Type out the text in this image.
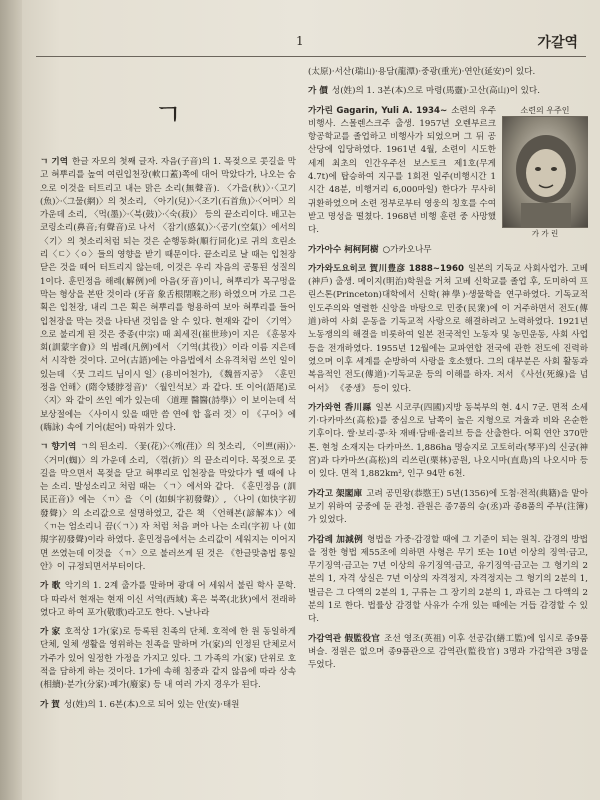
1	가갈역
ㄱ

ㄱ 기역 한글 자모의 첫째 글자. 자음(子音)의 1. 목젖으로 콧길을 막고 혀뿌리를 높여 여린입천장(軟口蓋)쪽에 대어 막았다가, 나오는 숨으로 이것을 터트리고 내는 맑은 소리(無聲音). 〈가을(秋)〉·〈고기(魚)〉·〈그물(網)〉의 첫소리, 〈아기(兒)〉·〈조기(石首魚)〉·〈어머〉의 가운데 소리, 〈먹(墨)〉·〈북(鼓)〉·〈숙(菽)〉 등의 끝소리이다. 배고는 코링소리(鼻音;有聲音)로 나서 〈잠기(感氣)〉·〈공기(空氣)〉에서의 〈기〉의 첫소리처럼 되는 것은 순행동화(順行同化)로 귀의 흐린소리〈ㄷ〉〈ㅇ〉들의 영향을 받기 때문이다. 끝소리로 날 때는 입천장 닫은 것을 떼어 터트리지 않는데, 이것은 우리 자음의 공통된 성질의 1이다. 훈민정음 해례(解例)에 아음(牙音)이니, 혀뿌리가 목구멍을 막는 형상을 본딴 것이라 (牙音 象舌根閉喉之形) 하였으며 가로 그은 획은 입천장, 내리 그은 획은 혀뿌리를 형용하여 보아 혀뿌리를 들어 입천장을 막는 것을 나타낸 것임을 알 수 있다. 현재와 같이 〈기역〉으로 불리게 된 것은 중종(中宗) 때 최세진(崔世珍)이 지은 《훈몽자회(訓蒙字會)》의 범례(凡例)에서 〈기역(其役)〉이라 이름 지은데서 시작한 것이다. 고어(古語)에는 아음법에서 소유격처럼 쓰인 일이 있는데 〈뭇 그리드 님이시 일〉(용비어천가), 《魏晉지공》 〈훈민정음 언해〉(隋令矮脖정音)' 〈월인석보〉과 같다. 또 이어(語尾)로 〈지〉와 같이 쓰인 예가 있는데 〈道理 醫醫(詩學)〉이 보이는데 석보상절에는 〈사이시 있을 때만 씀 연에 합 흘러 것〉이 《구어》에 (嗨詠) 속에 기어(起어) 따위가 있다.

ㄱ 향기역 ㄱ의 된소리. 〈꽃(花)〉·〈깨(荏)〉의 첫소리, 〈이쁘(兩)〉·〈거미(蜘)〉의 가운데 소리, 〈꺾(折)〉의 끝소리이다. 목젖으로 콧길을 막으면서 목젖을 닫고 혀뿌리로 입천장을 막았다가 뗄 때에 나는 소리. 발성소리고 처럼 때는 〈ㄱ〉에서와 같다. 《훈민정음 (訓民正音)》에는 〈ㄲ〉을 〈이 (如虯字初發聲)〉, 〈나이 (如快字初發聲)〉의 소리값으로 설명하였고, 같은 책 〈언해본(諺解本)〉에 〈ㄲ는 엄소리니 끔(〈ㄱ〉) 자 처럼 처음 펴아 나는 소리(字初 나 (如規字初發聲)이라 하였다. 훈민정음에서는 소리값이 세워지는 이어지면 쓰였는데 이것을 〈ㄲ〉으로 불러쓰게 된 것은 《한글맞춤법 통일안》이 규정되면서부터이다.

가 歌 악기의 1. 2계 출가를 말하며 광대 어 세워서 불린 학사 문학. 다 따라서 현재는 현재 이신 서역(西域) 혹은 북쪽(北狄)에서 전래하였다고 하여 포가(敬歌)라고도 한다. ↘날나라

가 家 호적상 1가(家)로 등록된 친족의 단체. 호적에 한 원 동일하게 단체, 일체 생활을 영위하는 친족을 말하며 가(家)의 인정된 단체로서 가주가 있어 일정한 가정을 가지고 있다. 그 가족의 가(家) 단위로 호적을 담하게 하는 것이다. 1가에 속해 침중과 같지 않음에 따라 상속(相續)·분가(分家)·폐가(廢家) 등 내 여러 가지 경우가 된다.

가 賀 성(姓)의 1. 6본(本)으로 되어 있는 안(安)·태원

(太原)·서산(瑞山)·용담(龍潭)·중광(重光)·연안(延安)이 있다.

가 價 성(姓)의 1. 3본(本)으로 마령(馬靈)·고산(高山)이 있다.

소련의 우주인
가 가 린

가가린 Gagarin, Yuli A. 1934∼ 소련의 우주 비행사. 스몰렌스크주 출생. 1957년 오렌부르크 항공학교를 졸업하고 비행사가 되었으며 그 뒤 공산당에 입당하였다. 1961년 4월, 소련이 시도한 세계 최초의 인간우주선 보스토크 제1호(무게 4.7t)에 탑승하여 지구를 1회전 일주(비행시간 1시간 48분, 비행거리 6,000마일) 한다가 무사히 귀환하였으며 소련 정부로부터 영웅의 칭호를 수여받고 명성을 떨쳤다. 1968년 비행 훈련 중 사망했다.

가가아수 柯柯阿樹 ○가카오나무

가가와도요히코 賀川豊彦 1888∼1960 일본의 기독교 사회사업가. 고베(神戶) 출생. 메이지(明治)학원을 거쳐 고베 신학교를 졸업 후, 도미하여 프린스톤(Princeton)대학에서 신학(神學)·생물학을 연구하였다. 기독교적 인도주의와 열렬한 신앙을 바탕으로 민중(民衆)에 이 거주하면서 전도(傳道)하여 사회 운동을 기독교적 사랑으로 해결하려고 노력하였다. 1921년 노동쟁의의 해결을 비롯하여 일본 전국적인 노동자 및 농민운동, 사회 사업 등을 전개하였다. 1955년 12월에는 교파연합 전국에 관한 전도에 진력하였으며 이후 세계를 순방하여 사랑을 호소했다. 그의 대부분은 사회 활동과 복음적인 전도(傳道)·기독교운 등의 이해를 하자. 저서 《사선(死線)을 넘어서》 《중생》 등이 있다.

가가와현 香川縣 일본 시코쿠(四國)지방 동북부의 현. 4시 7군. 면적 소세기·다카마쓰(高松)를 중심으로 남쪽이 높은 지형으로 겨울과 비와 온순한 기후이다. 쌀·보리·콩·차 재배·담배·올리브 등을 산출한다. 어획 연안 370만톤. 현청 소재지는 다카마쓰. 1,886ha 명승지로 고토히라(琴平)의 신궁(神宮)과 다카마쓰(高松)의 리쓰린(栗林)공원, 나오시마(直島)의 나오시마 등이 있다. 면적 1,882km², 인구 94만 6천.

가각고 架閣庫 고려 공민왕(恭愍王) 5년(1356)에 도첨·전적(典籍)을 맡아보기 위하여 궁중에 둔 관청. 관원은 종7품의 승(丞)과 종8품의 주부(注簿)가 있었다.

가감례 加減例 형법을 가중·감경할 때에 그 기준이 되는 원칙. 감경의 방법을 정한 형법 제55조에 의하면 사형은 무기 또는 10년 이상의 징역·금고, 무기징역·금고는 7년 이상의 유기징역·금고, 유기징역·금고는 그 형기의 2분의 1, 자격 상실은 7년 이상의 자격정지, 자격정지는 그 형기의 2분의 1, 벌금은 그 다액의 2분의 1, 구류는 그 장기의 2분의 1, 과료는 그 다액의 2분의 1로 한다. 법률상 감경할 사유가 수개 있는 때에는 거듭 감경할 수 있다.

가감역관 假監役官 조선 영조(英祖) 이후 선공감(繕工監)에 임시로 종9품 벼슬. 정원은 없으며 종9품관으로 감역관(監役官) 3명과 가감역관 3명을 두었다.
